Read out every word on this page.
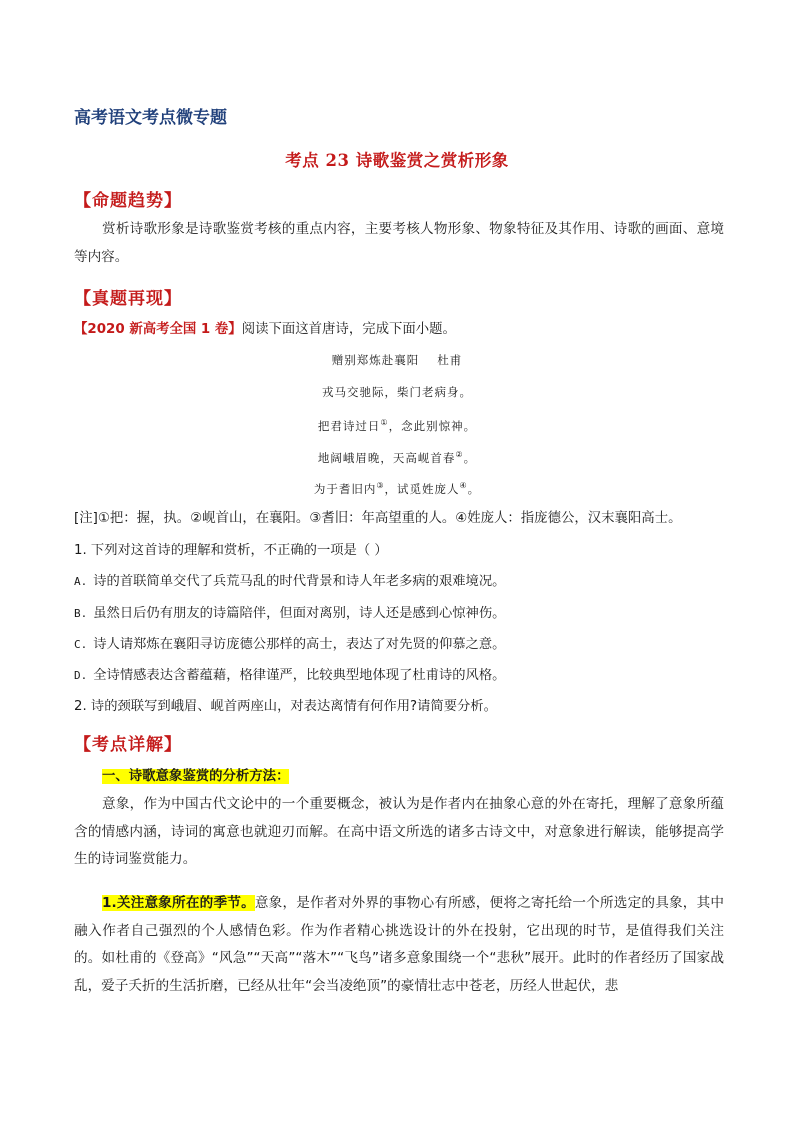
高考语文考点微专题
考点 23 诗歌鉴赏之赏析形象
【命题趋势】
赏析诗歌形象是诗歌鉴赏考核的重点内容，主要考核人物形象、物象特征及其作用、诗歌的画面、意境等内容。
【真题再现】
【2020 新高考全国 1 卷】阅读下面这首唐诗，完成下面小题。
赠别郑炼赴襄阳 杜甫
戎马交驰际，柴门老病身。
把君诗过日①，念此别惊神。
地阔峨眉晚，天高岘首春②。
为于耆旧内③，试觅姓庞人④。
[注]①把：握，执。②岘首山，在襄阳。③耆旧：年高望重的人。④姓庞人：指庞德公，汉末襄阳高士。
1. 下列对这首诗的理解和赏析，不正确的一项是（ ）
A. 诗的首联简单交代了兵荒马乱的时代背景和诗人年老多病的艰难境况。
B. 虽然日后仍有朋友的诗篇陪伴，但面对离别，诗人还是感到心惊神伤。
C. 诗人请郑炼在襄阳寻访庞德公那样的高士，表达了对先贤的仰慕之意。
D. 全诗情感表达含蓄蕴藉，格律谨严，比较典型地体现了杜甫诗的风格。
2. 诗的颈联写到峨眉、岘首两座山，对表达离情有何作用?请简要分析。
【考点详解】
一、诗歌意象鉴赏的分析方法：
意象，作为中国古代文论中的一个重要概念，被认为是作者内在抽象心意的外在寄托，理解了意象所蕴含的情感内涵，诗词的寓意也就迎刃而解。在高中语文所选的诸多古诗文中，对意象进行解读，能够提高学生的诗词鉴赏能力。
1.关注意象所在的季节。意象，是作者对外界的事物心有所感，便将之寄托给一个所选定的具象，其中融入作者自己强烈的个人感情色彩。作为作者精心挑选设计的外在投射，它出现的时节，是值得我们关注的。如杜甫的《登高》“风急”“天高”“落木”“飞鸟”诸多意象围绕一个“悲秋”展开。此时的作者经历了国家战乱，爱子夭折的生活折磨，已经从壮年“会当凌绝顶”的豪情壮志中苍老，历经人世起伏，悲
